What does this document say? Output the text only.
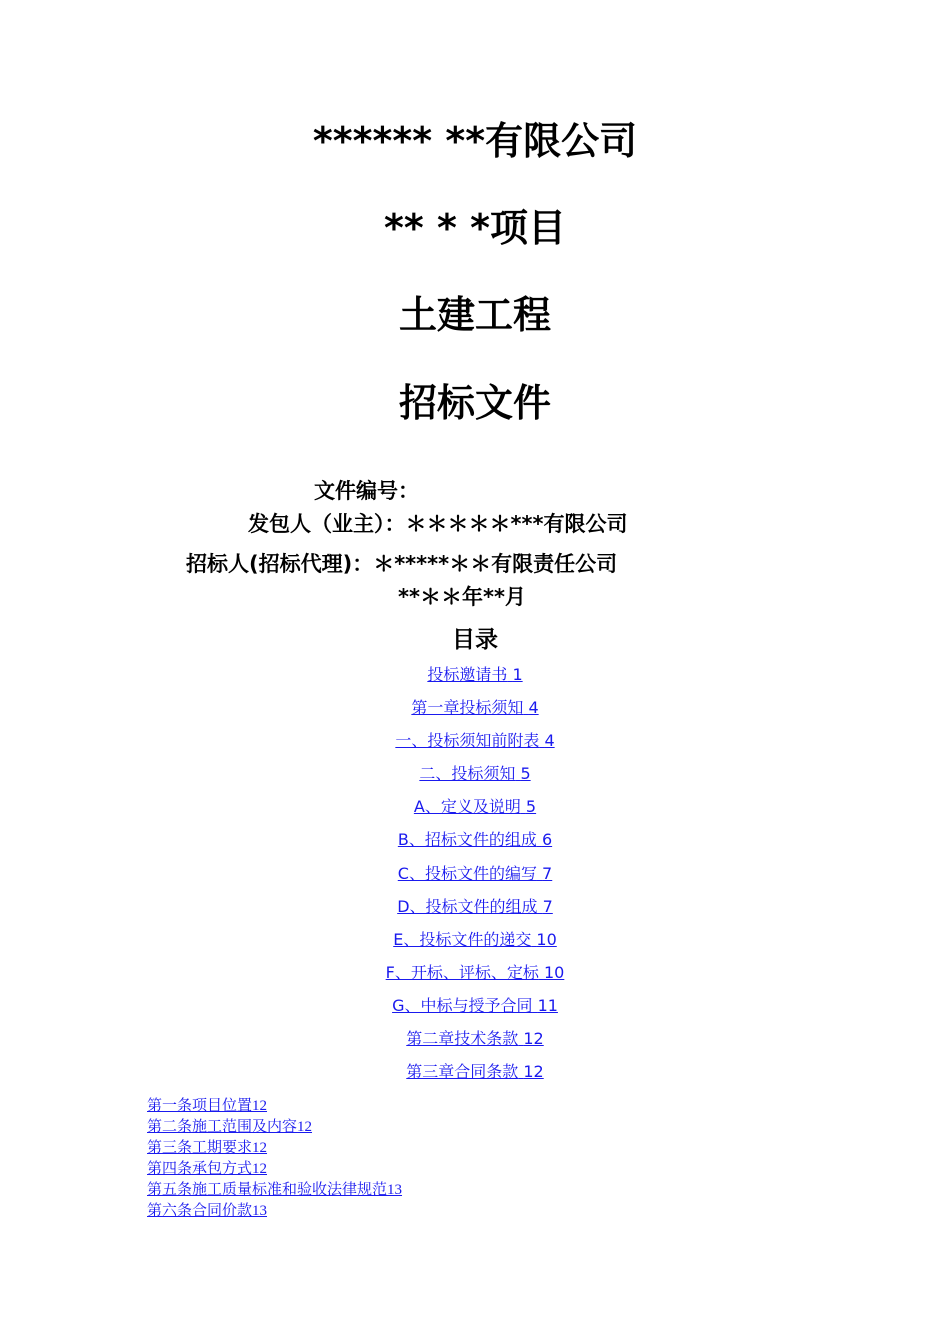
****** **有限公司
** * *项目
土建工程
招标文件
文件编号：
发包人（业主）：＊＊＊＊＊***有限公司
招标人(招标代理)：＊*****＊＊有限责任公司
**＊＊年**月
目录
投标邀请书 1
第一章投标须知 4
一、投标须知前附表 4
二、投标须知 5
A、定义及说明 5
B、招标文件的组成 6
C、投标文件的编写 7
D、投标文件的组成 7
E、投标文件的递交 10
F、开标、评标、定标 10
G、中标与授予合同 11
第二章技术条款 12
第三章合同条款 12
第一条项目位置12
第二条施工范围及内容12
第三条工期要求12
第四条承包方式12
第五条施工质量标准和验收法律规范13
第六条合同价款13
